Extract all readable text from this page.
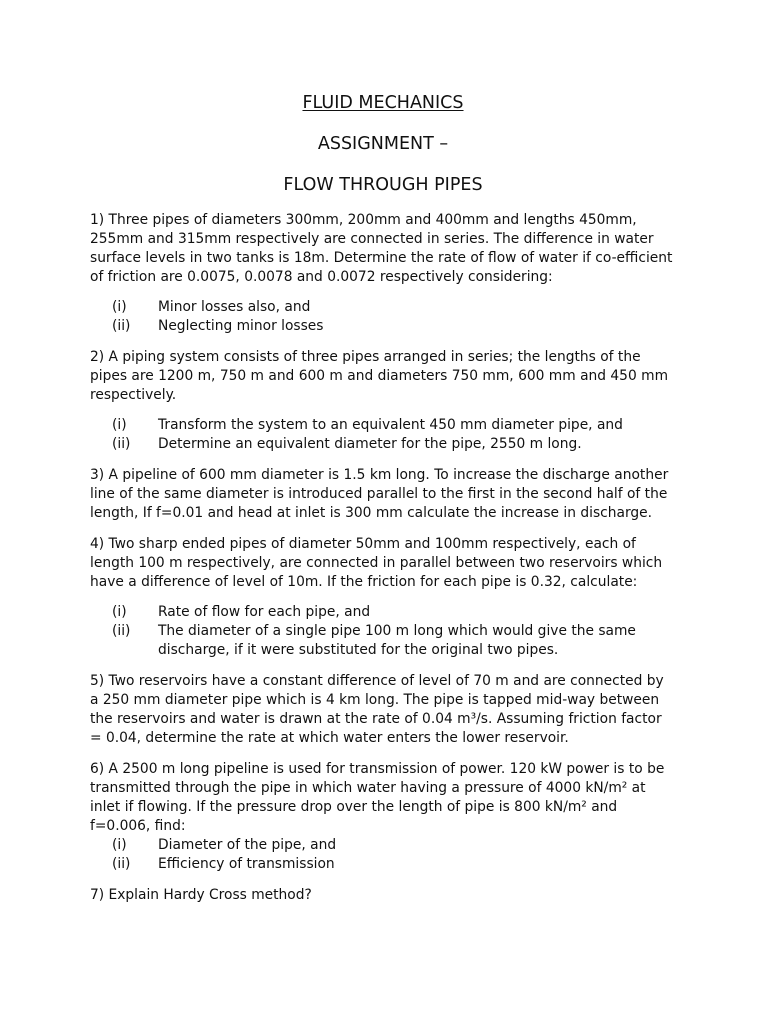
FLUID MECHANICS
ASSIGNMENT –
FLOW THROUGH PIPES

1) Three pipes of diameters 300mm, 200mm and 400mm and lengths 450mm, 255mm and 315mm respectively are connected in series. The difference in water surface levels in two tanks is 18m. Determine the rate of flow of water if co-efficient of friction are 0.0075, 0.0078 and 0.0072 respectively considering:

(i)	Minor losses also, and
(ii)	Neglecting minor losses

2) A piping system consists of three pipes arranged in series; the lengths of the pipes are 1200 m, 750 m and 600 m and diameters 750 mm, 600 mm and 450 mm respectively.

(i)	Transform the system to an equivalent 450 mm diameter pipe, and
(ii)	Determine an equivalent diameter for the pipe, 2550 m long.

3) A pipeline of 600 mm diameter is 1.5 km long. To increase the discharge another line of the same diameter is introduced parallel to the first in the second half of the length, If f=0.01 and head at inlet is 300 mm calculate the increase in discharge.

4) Two sharp ended pipes of diameter 50mm and 100mm respectively, each of length 100 m respectively, are connected in parallel between two reservoirs which have a difference of level of 10m. If the friction for each pipe is 0.32, calculate:

(i)	Rate of flow for each pipe, and
(ii)	The diameter of a single pipe 100 m long which would give the same discharge, if it were substituted for the original two pipes.

5) Two reservoirs have a constant difference of level of 70 m and are connected by a 250 mm diameter pipe which is 4 km long. The pipe is tapped mid-way between the reservoirs and water is drawn at the rate of 0.04 m³/s. Assuming friction factor = 0.04, determine the rate at which water enters the lower reservoir.

6) A 2500 m long pipeline is used for transmission of power. 120 kW power is to be transmitted through the pipe in which water having a pressure of 4000 kN/m² at inlet if flowing. If the pressure drop over the length of pipe is 800 kN/m² and f=0.006, find:

(i)	Diameter of the pipe, and
(ii)	Efficiency of transmission

7) Explain Hardy Cross method?
